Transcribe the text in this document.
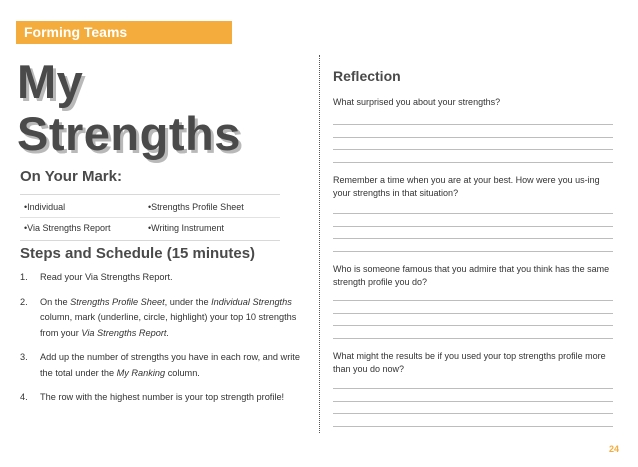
Forming Teams
My
Strengths
On Your Mark:
•Individual	•Strengths Profile Sheet
•Via Strengths Report	•Writing Instrument
Steps and Schedule (15 minutes)
1. Read your Via Strengths Report.
2. On the Strengths Profile Sheet, under the Individual Strengths column, mark (underline, circle, highlight) your top 10 strengths from your Via Strengths Report.
3. Add up the number of strengths you have in each row, and write the total under the My Ranking column.
4. The row with the highest number is your top strength profile!
Reflection
What surprised you about your strengths?
Remember a time when you are at your best. How were you us-ing your strengths in that situation?
Who is someone famous that you admire that you think has the same strength profile you do?
What might the results be if you used your top strengths profile more than you do now?
24
